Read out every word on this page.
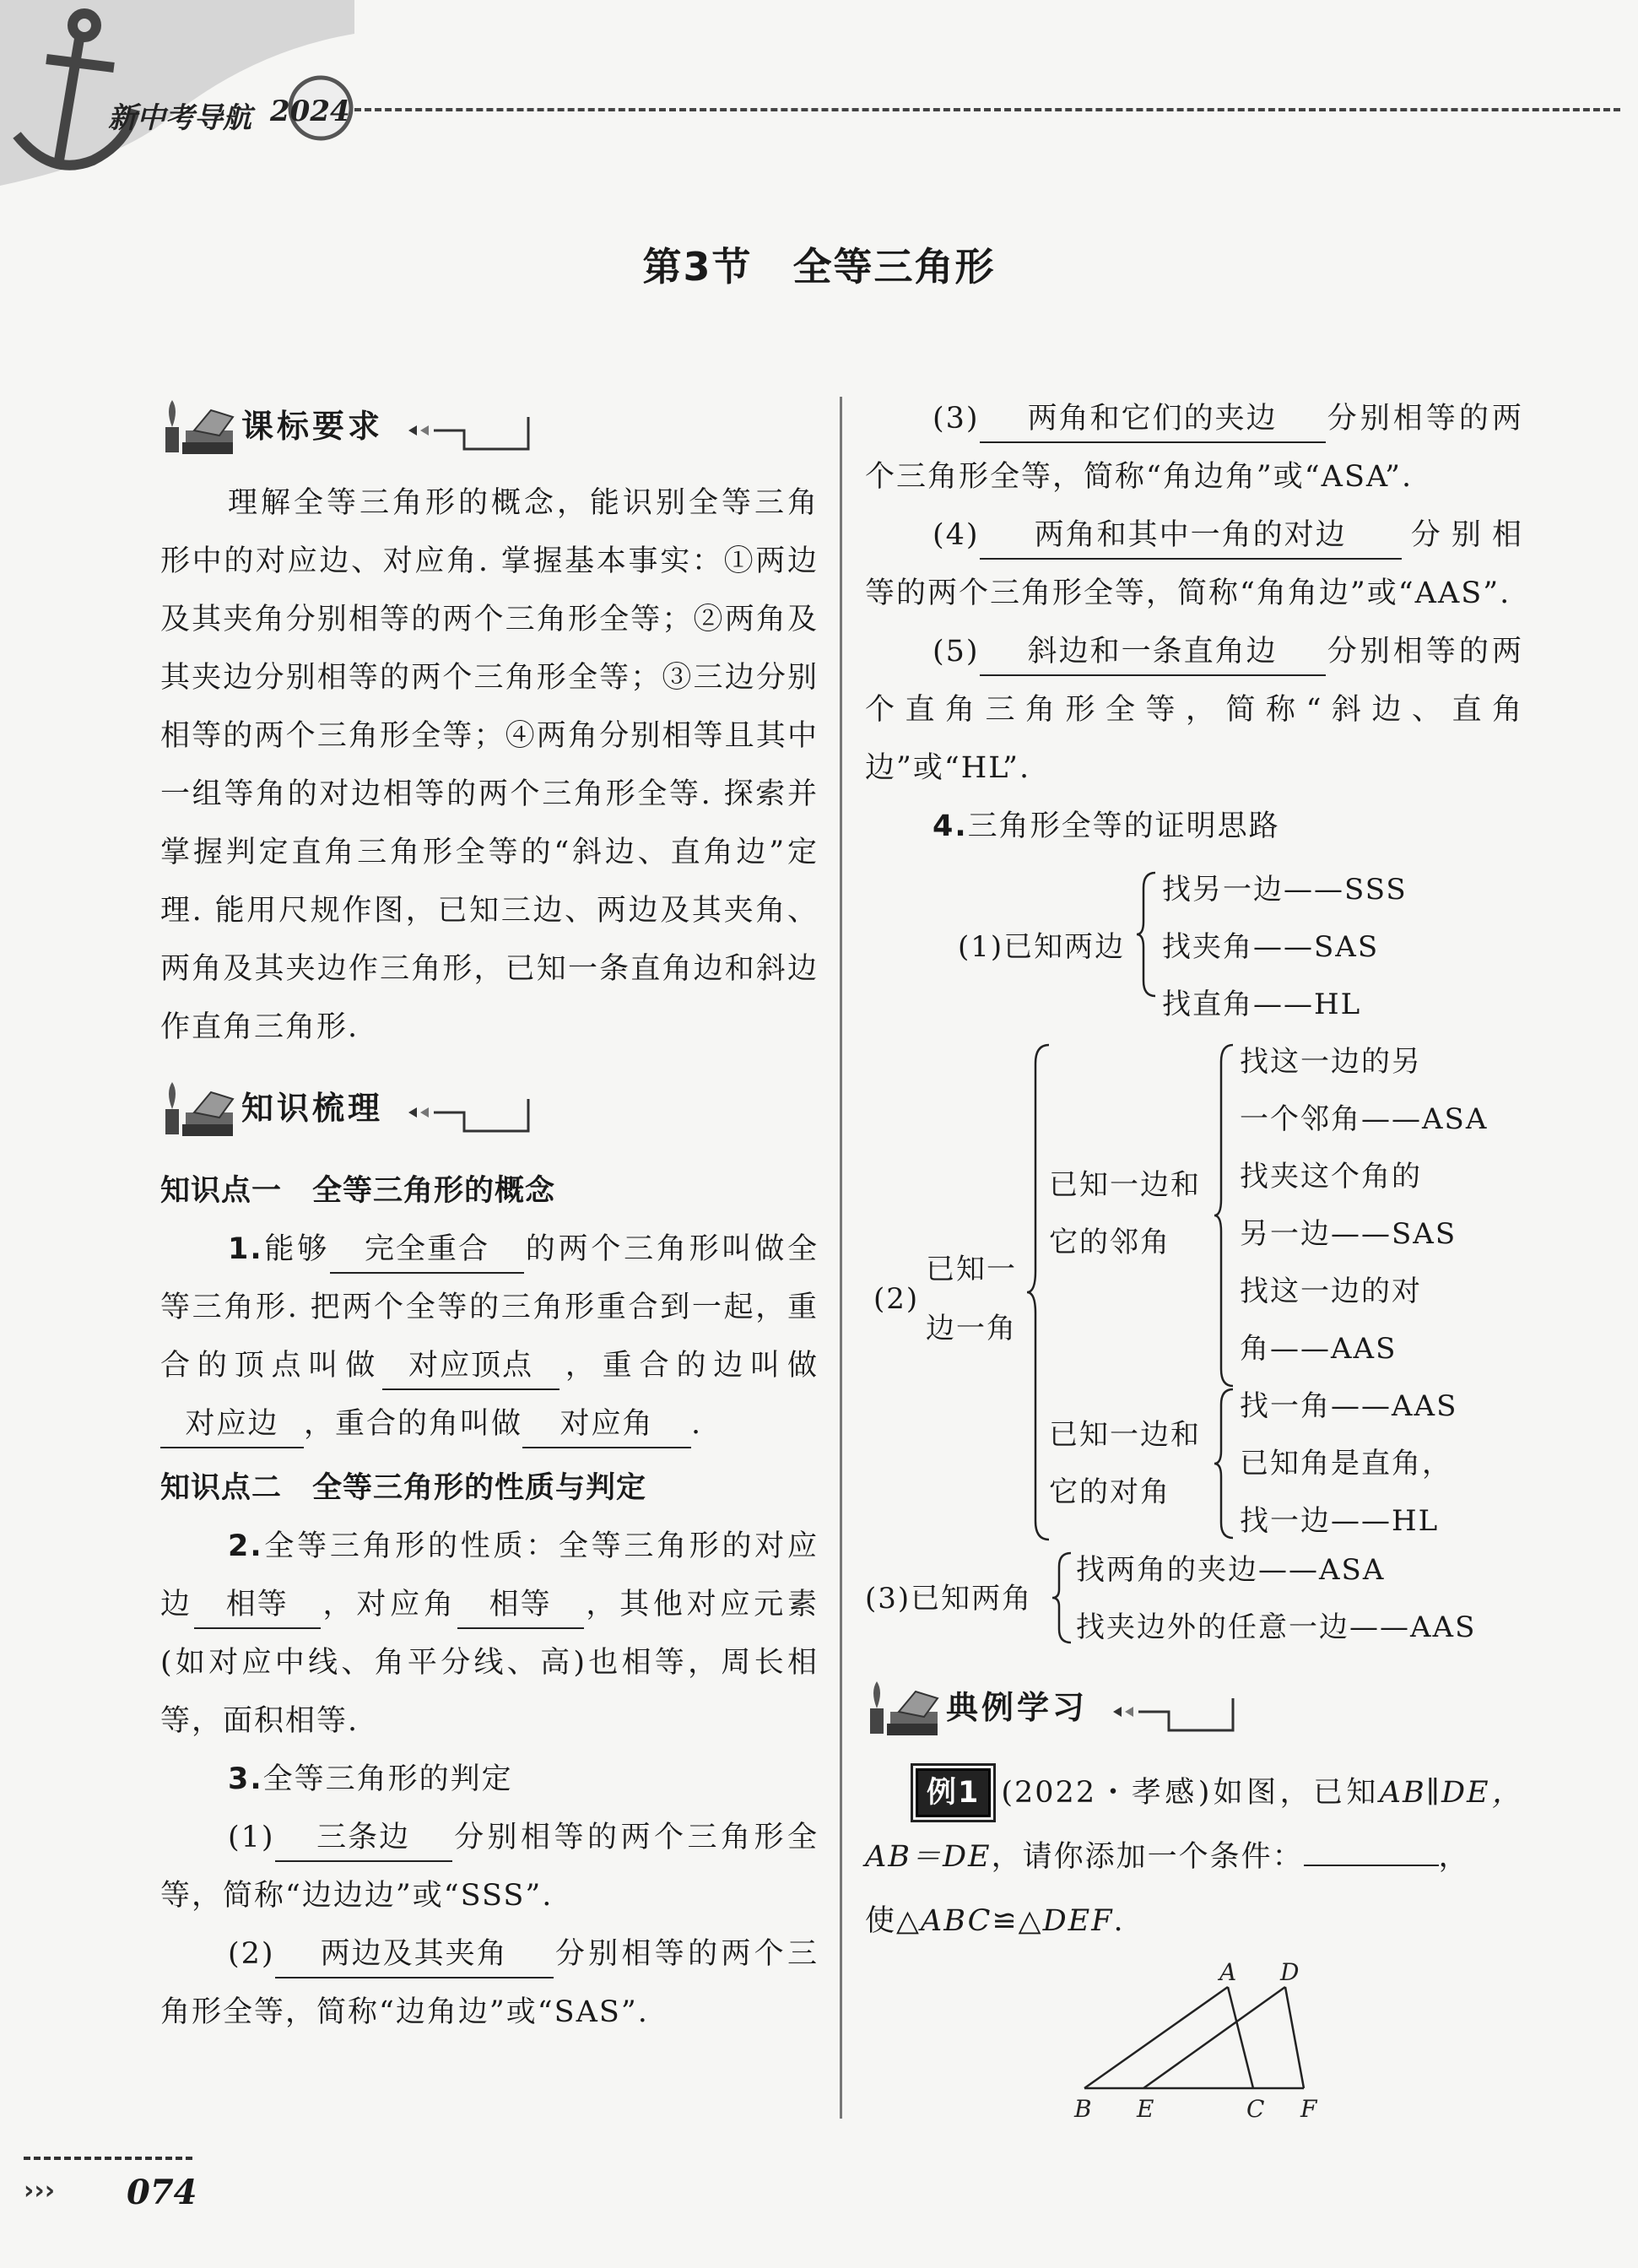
新中考导航 2024
第3节　全等三角形
课标要求

理解全等三角形的概念，能识别全等三角形中的对应边、对应角. 掌握基本事实：①两边及其夹角分别相等的两个三角形全等；②两角及其夹边分别相等的两个三角形全等；③三边分别相等的两个三角形全等；④两角分别相等且其中一组等角的对边相等的两个三角形全等. 探索并掌握判定直角三角形全等的“斜边、直角边”定理. 能用尺规作图，已知三边、两边及其夹角、两角及其夹边作三角形，已知一条直角边和斜边作直角三角形.

知识梳理

知识点一　全等三角形的概念

1.能够 完全重合 的两个三角形叫做全等三角形. 把两个全等的三角形重合到一起，重合的顶点叫做 对应顶点 ，重合的边叫做对应边 ，重合的角叫做 对应角 .

知识点二　全等三角形的性质与判定

2.全等三角形的性质：全等三角形的对应边 相等 ，对应角 相等 ，其他对应元素(如对应中线、角平分线、高)也相等，周长相等，面积相等.

3.全等三角形的判定

(1) 三条边 分别相等的两个三角形全等，简称“边边边”或“SSS”.

(2) 两边及其夹角 分别相等的两个三角形全等，简称“边角边”或“SAS”.

(3) 两角和它们的夹边 分别相等的两个三角形全等，简称“角边角”或“ASA”.

(4) 两角和其中一角的对边 分别相等的两个三角形全等，简称“角角边”或“AAS”.

(5) 斜边和一条直角边 分别相等的两个直角三角形全等，简称“斜边、直角边”或“HL”.

4.三角形全等的证明思路

(1)已知两边
找另一边——SSS
找夹角——SAS
找直角——HL
(2)
已知一
边一角
已知一边和
它的邻角
找这一边的另
一个邻角——ASA
找夹这个角的
另一边——SAS
找这一边的对
角——AAS
已知一边和
它的对角
找一角——AAS
已知角是直角，
找一边——HL
(3)已知两角
找两角的夹边——ASA
找夹边外的任意一边——AAS
典例学习

例1 (2022・孝感)如图，已知AB∥DE，AB＝DE，请你添加一个条件：	，
使△ABC≌△DEF.

A D
B E	C F
››› 074
